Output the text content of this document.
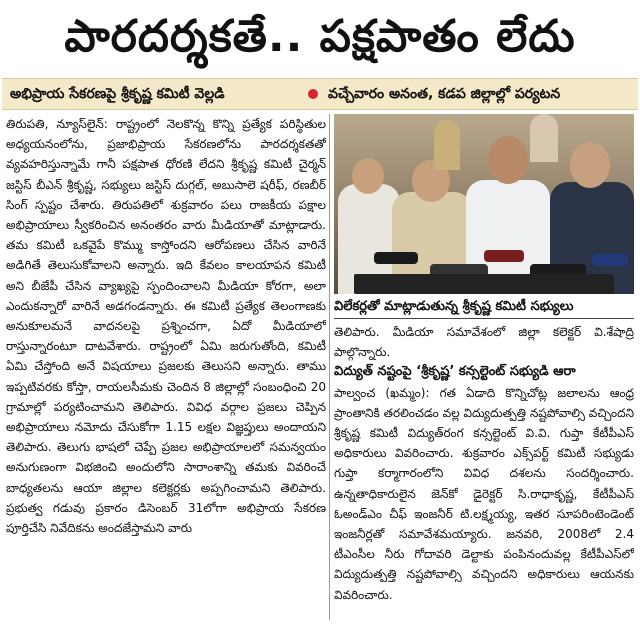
పారదర్శకతే.. పక్షపాతం లేదు
అభిప్రాయ సేకరణపై శ్రీకృష్ణ కమిటీ వెల్లడి	వచ్చేవారం అనంత, కడప జిల్లాల్లో పర్యటన

తిరుపతి, న్యూస్‌లైన్: రాష్ట్రంలో నెలకొన్న కొన్ని ప్రత్యేక పరిస్థితుల అధ్యయనంలోను, ప్రజాభిప్రాయ సేకరణలోను పారదర్శకతతో వ్యవహరిస్తున్నామే గానీ పక్షపాత ధోరణి లేదని శ్రీకృష్ణ కమిటీ చైర్మన్ జస్టిస్ బీఎన్ శ్రీకృష్ణ, సభ్యులు జస్టిస్ దుగ్గల్, అబుసాలె షరీఫ్, రణబీర్ సింగ్ స్పష్టం చేశారు. తిరుపతిలో శుక్రవారం పలు రాజకీయ పక్షాల అభిప్రాయాలు స్వీకరించిన అనంతరం వారు మీడియాతో మాట్లాడారు. తమ కమిటీ ఒకవైపే కొమ్ము కాస్తోందని ఆరోపణలు చేసిన వారినే అడిగితే తెలుసుకోవాలని అన్నారు. ఇది కేవలం కాలయాపన కమిటీ అని బీజేపీ చేసిన వ్యాఖ్యపై స్పందించాలని మీడియా కోరగా, అలా ఎందుకన్నారో వారినే అడగండన్నారు. ఈ కమిటీ ప్రత్యేక తెలంగాణకు అనుకూలమనే వాదనలపై ప్రశ్నించగా, ఏదో మీడియాలో రాస్తున్నారంటూ దాటవేశారు. రాష్ట్రంలో ఏమి జరుగుతోంది, కమిటీ ఏమి చేస్తోంది అనే విషయాలు ప్రజలకు తెలుసని అన్నారు. తాము ఇప్పటివరకు కోస్తా, రాయలసీమకు చెందిన 8 జిల్లాల్లో సంబంధించి 20 గ్రామాల్లో పర్యటించామని తెలిపారు. వివిధ వర్గాల ప్రజలు చెప్పిన అభిప్రాయాలు నమోదు చేసుకోగా 1.15 లక్షల విజ్ఞప్తులు అందాయని తెలిపారు. తెలుగు భాషలో చెప్పే ప్రజల అభిప్రాయాలలో సమన్వయం అనుగుణంగా విభజించి అందులోని సారాంశాన్ని తమకు వివరించే బాధ్యతలను ఆయా జిల్లాల కలెక్టర్లకు అప్పగించామని తెలిపారు. ప్రభుత్వ గడువు ప్రకారం డిసెంబర్ 31లోగా అభిప్రాయ సేకరణ పూర్తిచేసి నివేదికను అందజేస్తామని వారు

విలేకర్లతో మాట్లాడుతున్న శ్రీకృష్ణ కమిటీ సభ్యులు

తెలిపారు. మీడియా సమావేశంలో జిల్లా కలెక్టర్ వి.శేషాద్రి పాల్గొన్నారు.

విద్యుత్ నష్టంపై ‘శ్రీకృష్ణ’ కన్సల్టెంట్ సభ్యుడి ఆరా

పాల్వంచ (ఖమ్మం): గత ఏడాది కొన్నిచోట్ల జలాలను ఆంధ్ర ప్రాంతానికి తరలించడం వల్ల విద్యుదుత్పత్తి నష్టపోవాల్సి వచ్చిందని శ్రీకృష్ణ కమిటీ విద్యుత్‌రంగ కన్సల్టెంట్ వి.వి. గుప్తా కేటీపీఎస్ అధికారులు వివరించారు. శుక్రవారం ఎక్స్‌పర్ట్ కమిటీ సభ్యుడు గుప్తా కర్మాగారంలోని వివిధ దశలను సందర్శించారు. ఉన్నతాధికారులైన జెన్‌కో డైరెక్టర్ సి.రాధాకృష్ణ, కేటీపీఎస్ ఓఅండ్‌ఎం చీఫ్ ఇంజనీర్ టి.లక్ష్మయ్య, ఇతర సూపరింటెండెంట్ ఇంజనీర్లతో సమావేశమయ్యారు. జనవరి, 2008లో 2.4 టీఎంసీల నీరు గోదావరి డెల్టాకు పంపినందువల్ల కేటీపీఎస్‌లో విద్యుదుత్పత్తి నష్టపోవాల్సి వచ్చిందని అధికారులు ఆయనకు వివరించారు.
